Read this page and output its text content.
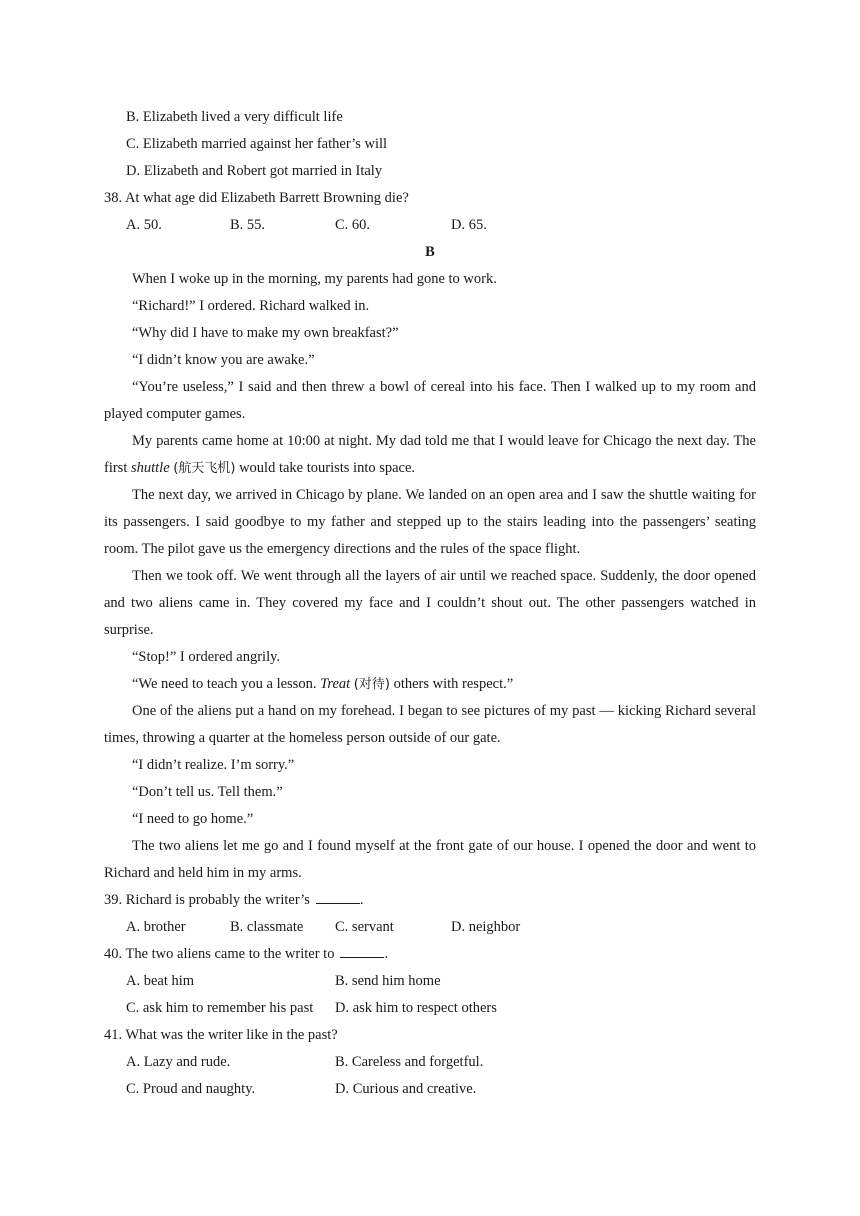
B. Elizabeth lived a very difficult life
C. Elizabeth married against her father’s will
D. Elizabeth and Robert got married in Italy
38. At what age did Elizabeth Barrett Browning die?
A. 50.	B. 55.	C. 60.	D. 65.
B
When I woke up in the morning, my parents had gone to work.
“Richard!” I ordered. Richard walked in.
“Why did I have to make my own breakfast?”
“I didn’t know you are awake.”
“You’re useless,” I said and then threw a bowl of cereal into his face. Then I walked up to my room and played computer games.
My parents came home at 10:00 at night. My dad told me that I would leave for Chicago the next day. The first shuttle (航天飞机) would take tourists into space.
The next day, we arrived in Chicago by plane. We landed on an open area and I saw the shuttle waiting for its passengers. I said goodbye to my father and stepped up to the stairs leading into the passengers’ seating room. The pilot gave us the emergency directions and the rules of the space flight.
Then we took off. We went through all the layers of air until we reached space. Suddenly, the door opened and two aliens came in. They covered my face and I couldn’t shout out. The other passengers watched in surprise.
“Stop!” I ordered angrily.
“We need to teach you a lesson. Treat (对待) others with respect.”
One of the aliens put a hand on my forehead. I began to see pictures of my past — kicking Richard several times, throwing a quarter at the homeless person outside of our gate.
“I didn’t realize. I’m sorry.”
“Don’t tell us. Tell them.”
“I need to go home.”
The two aliens let me go and I found myself at the front gate of our house. I opened the door and went to Richard and held him in my arms.
39. Richard is probably the writer’s	.
A. brother	B. classmate C. servant	D. neighbor
40. The two aliens came to the writer to	.
A. beat him	B. send him home
C. ask him to remember his past D. ask him to respect others
41. What was the writer like in the past?
A. Lazy and rude.	B. Careless and forgetful.
C. Proud and naughty.	D. Curious and creative.
